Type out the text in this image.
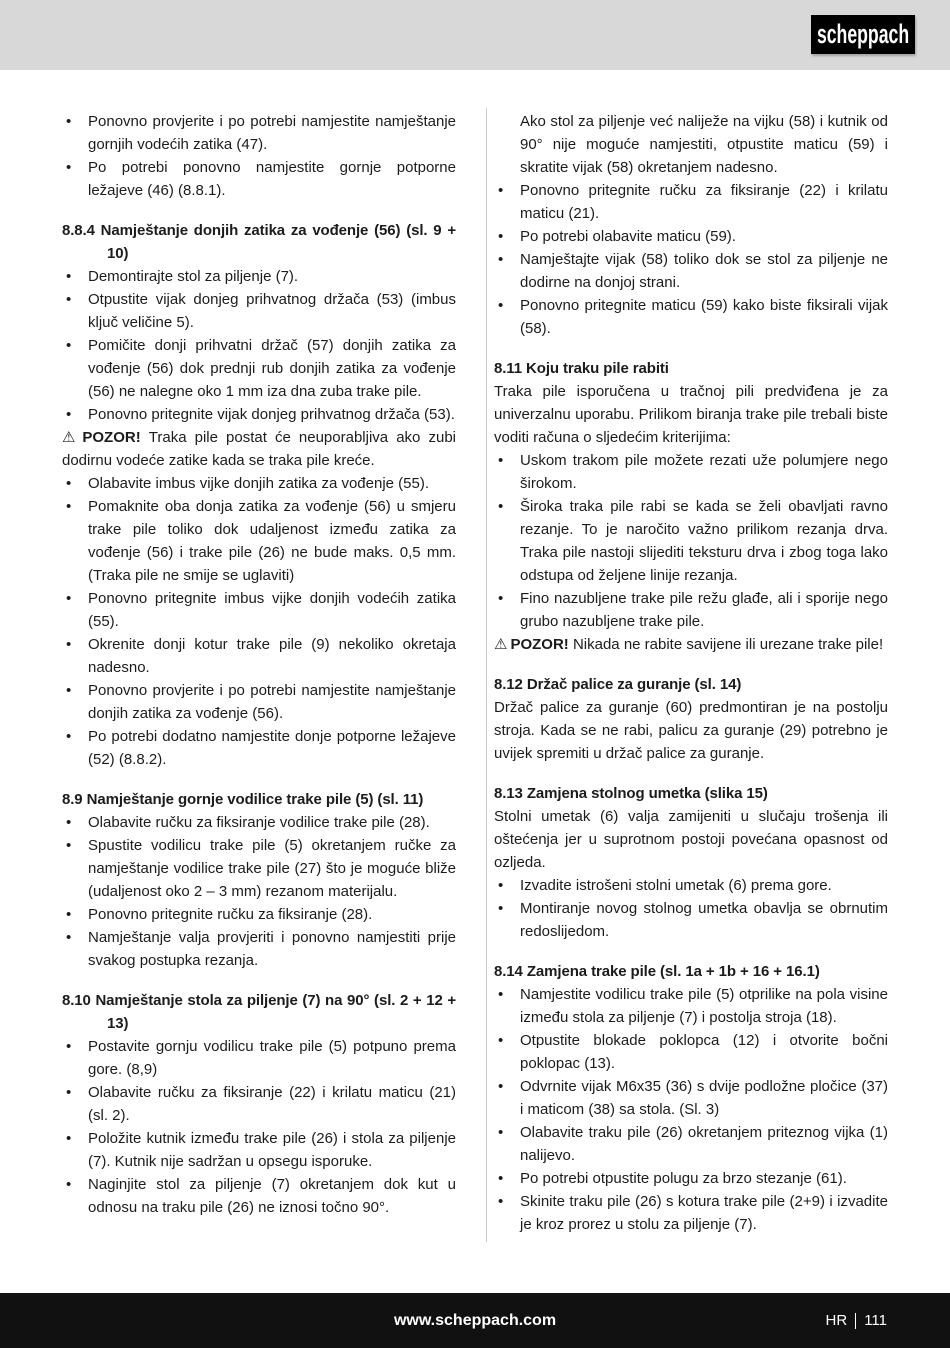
scheppach
• Ponovno provjerite i po potrebi namjestite namještanje gornjih vodećih zatika (47).
• Po potrebi ponovno namjestite gornje potporne ležajeve (46) (8.8.1).
8.8.4 Namještanje donjih zatika za vođenje (56) (sl. 9 + 10)
• Demontirajte stol za piljenje (7).
• Otpustite vijak donjeg prihvatnog držača (53) (imbus ključ veličine 5).
• Pomičite donji prihvatni držač (57) donjih zatika za vođenje (56) dok prednji rub donjih zatika za vođenje (56) ne nalegne oko 1 mm iza dna zuba trake pile.
• Ponovno pritegnite vijak donjeg prihvatnog držača (53).
⚠ POZOR! Traka pile postat će neuporabljiva ako zubi dodirnu vodeće zatike kada se traka pile kreće.
• Olabavite imbus vijke donjih zatika za vođenje (55).
• Pomaknite oba donja zatika za vođenje (56) u smjeru trake pile toliko dok udaljenost između zatika za vođenje (56) i trake pile (26) ne bude maks. 0,5 mm. (Traka pile ne smije se uglaviti)
• Ponovno pritegnite imbus vijke donjih vodećih zatika (55).
• Okrenite donji kotur trake pile (9) nekoliko okretaja nadesno.
• Ponovno provjerite i po potrebi namjestite namještanje donjih zatika za vođenje (56).
• Po potrebi dodatno namjestite donje potporne ležajeve (52) (8.8.2).
8.9 Namještanje gornje vodilice trake pile (5) (sl. 11)
• Olabavite ručku za fiksiranje vodilice trake pile (28).
• Spustite vodilicu trake pile (5) okretanjem ručke za namještanje vodilice trake pile (27) što je moguće bliže (udaljenost oko 2 – 3 mm) rezanom materijalu.
• Ponovno pritegnite ručku za fiksiranje (28).
• Namještanje valja provjeriti i ponovno namjestiti prije svakog postupka rezanja.
8.10 Namještanje stola za piljenje (7) na 90° (sl. 2 + 12 + 13)
• Postavite gornju vodilicu trake pile (5) potpuno prema gore. (8,9)
• Olabavite ručku za fiksiranje (22) i krilatu maticu (21) (sl. 2).
• Položite kutnik između trake pile (26) i stola za piljenje (7). Kutnik nije sadržan u opsegu isporuke.
• Naginjite stol za piljenje (7) okretanjem dok kut u odnosu na traku pile (26) ne iznosi točno 90°.
Ako stol za piljenje već naliježe na vijku (58) i kutnik od 90° nije moguće namjestiti, otpustite maticu (59) i skratite vijak (58) okretanjem nadesno.
• Ponovno pritegnite ručku za fiksiranje (22) i krilatu maticu (21).
• Po potrebi olabavite maticu (59).
• Namještajte vijak (58) toliko dok se stol za piljenje ne dodirne na donjoj strani.
• Ponovno pritegnite maticu (59) kako biste fiksirali vijak (58).
8.11 Koju traku pile rabiti
Traka pile isporučena u tračnoj pili predviđena je za univerzalnu uporabu. Prilikom biranja trake pile trebali biste voditi računa o sljedećim kriterijima:
• Uskom trakom pile možete rezati uže polumjere nego širokom.
• Široka traka pile rabi se kada se želi obavljati ravno rezanje. To je naročito važno prilikom rezanja drva. Traka pile nastoji slijediti teksturu drva i zbog toga lako odstupa od željene linije rezanja.
• Fino nazubljene trake pile režu glađe, ali i sporije nego grubo nazubljene trake pile.
⚠ POZOR! Nikada ne rabite savijene ili urezane trake pile!
8.12 Držač palice za guranje (sl. 14)
Držač palice za guranje (60) predmontiran je na postolju stroja. Kada se ne rabi, palicu za guranje (29) potrebno je uvijek spremiti u držač palice za guranje.
8.13 Zamjena stolnog umetka (slika 15)
Stolni umetak (6) valja zamijeniti u slučaju trošenja ili oštećenja jer u suprotnom postoji povećana opasnost od ozljeda.
• Izvadite istrošeni stolni umetak (6) prema gore.
• Montiranje novog stolnog umetka obavlja se obrnutim redoslijedom.
8.14 Zamjena trake pile (sl. 1a + 1b + 16 + 16.1)
• Namjestite vodilicu trake pile (5) otprilike na pola visine između stola za piljenje (7) i postolja stroja (18).
• Otpustite blokade poklopca (12) i otvorite bočni poklopac (13).
• Odvrnite vijak M6x35 (36) s dvije podložne pločice (37) i maticom (38) sa stola. (Sl. 3)
• Olabavite traku pile (26) okretanjem priteznog vijka (1) nalijevo.
• Po potrebi otpustite polugu za brzo stezanje (61).
• Skinite traku pile (26) s kotura trake pile (2+9) i izvadite je kroz prorez u stolu za piljenje (7).
www.scheppach.com	HR 111
